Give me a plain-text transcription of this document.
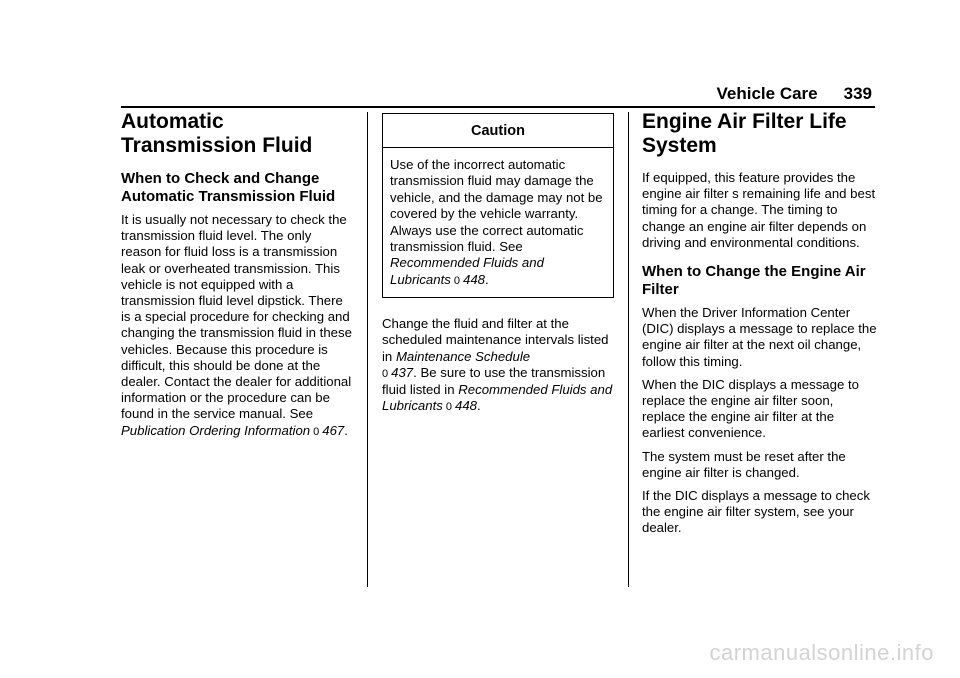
Vehicle Care 339
Automatic Transmission Fluid
When to Check and Change Automatic Transmission Fluid

It is usually not necessary to check the transmission fluid level. The only reason for fluid loss is a transmission leak or overheated transmission. This vehicle is not equipped with a transmission fluid level dipstick. There is a special procedure for checking and changing the transmission fluid in these vehicles. Because this procedure is difficult, this should be done at the dealer. Contact the dealer for additional information or the procedure can be found in the service manual. See Publication Ordering Information 0 467.

Caution
Use of the incorrect automatic transmission fluid may damage the vehicle, and the damage may not be covered by the vehicle warranty. Always use the correct automatic transmission fluid. See Recommended Fluids and Lubricants 0 448.

Change the fluid and filter at the scheduled maintenance intervals listed in Maintenance Schedule
0 437. Be sure to use the transmission fluid listed in Recommended Fluids and Lubricants 0 448.

Engine Air Filter Life System

If equipped, this feature provides the engine air filter s remaining life and best timing for a change. The timing to change an engine air filter depends on driving and environmental conditions.

When to Change the Engine Air Filter

When the Driver Information Center (DIC) displays a message to replace the engine air filter at the next oil change, follow this timing.

When the DIC displays a message to replace the engine air filter soon, replace the engine air filter at the earliest convenience.

The system must be reset after the engine air filter is changed.

If the DIC displays a message to check the engine air filter system, see your dealer.

carmanualsonline.info
